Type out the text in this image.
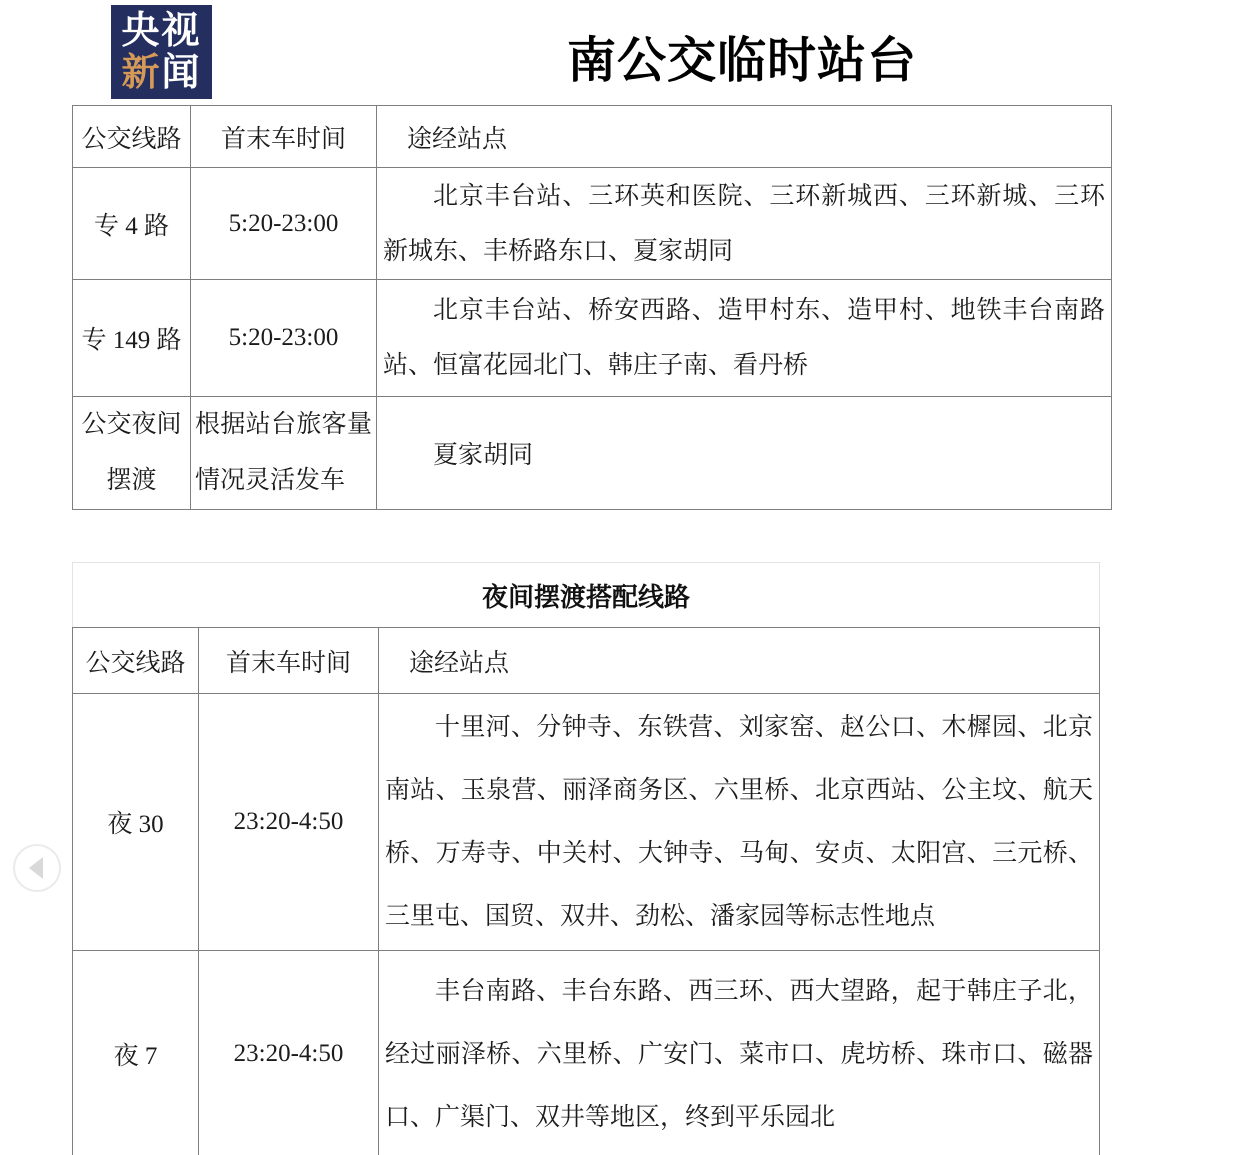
央视
新闻	南公交临时站台
公交线路	首末车时间	途经站点
专 4 路	5:20-23:00	北京丰台站、三环英和医院、三环新城西、三环新城、三环新城东、丰桥路东口、夏家胡同

专 149 路	5:20-23:00	北京丰台站、桥安西路、造甲村东、造甲村、地铁丰台南路站、恒富花园北门、韩庄子南、看丹桥

公交夜间摆渡	根据站台旅客量情况灵活发车	夏家胡同
夜间摆渡搭配线路
公交线路	首末车时间	途经站点
夜 30	23:20-4:50	十里河、分钟寺、东铁营、刘家窑、赵公口、木樨园、北京南站、玉泉营、丽泽商务区、六里桥、北京西站、公主坟、航天桥、万寿寺、中关村、大钟寺、马甸、安贞、太阳宫、三元桥、三里屯、国贸、双井、劲松、潘家园等标志性地点

夜 7	23:20-4:50	丰台南路、丰台东路、西三环、西大望路，起于韩庄子北，经过丽泽桥、六里桥、广安门、菜市口、虎坊桥、珠市口、磁器口、广渠门、双井等地区，终到平乐园北
